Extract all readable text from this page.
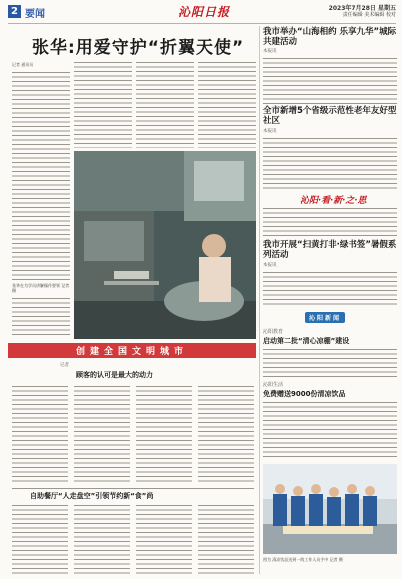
2 要闻	沁阳日报	2023年7月28日 星期五
责任编辑 美术编辑 校对
张华:用爱守护“折翼天使”
记者 通讯员
张华在为学员讲解操作要领 记者 摄
创建全国文明城市
记者
顾客的认可是最大的动力
自助餐厅“人走盘空”引领节约新“食”尚
我市举办“山海相约 乐享九华”城际共建活动
本报讯
全市新增5个省级示范性老年友好型社区
本报讯
沁阳·看·新·之·思
我市开展“扫黄打非·绿书签”暑假系列活动
本报讯
沁阳新闻
沁阳教育
启动第二批“清心凉棚”建设
沁阳生活
免费赠送9000份清凉饮品
图为 清凉饮品送到一线工作人员手中 记者 摄
